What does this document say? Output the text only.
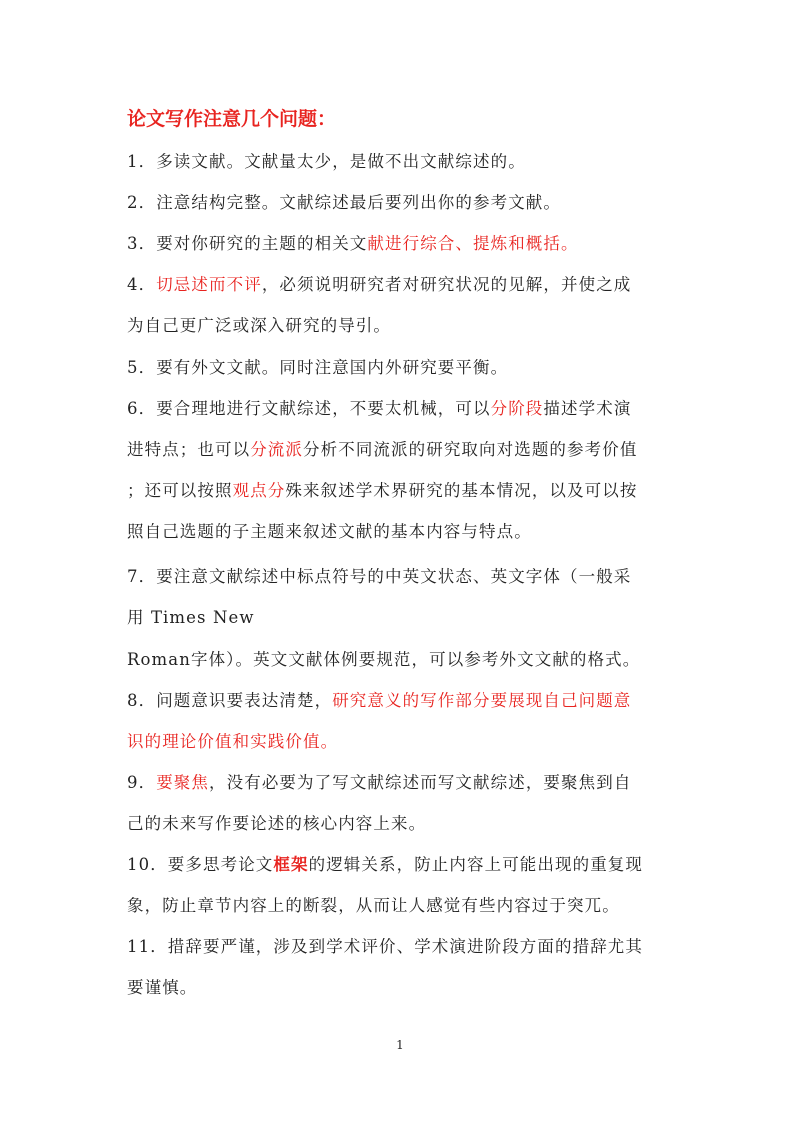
论文写作注意几个问题：
1．多读文献。文献量太少，是做不出文献综述的。
2．注意结构完整。文献综述最后要列出你的参考文献。
3．要对你研究的主题的相关文献进行综合、提炼和概括。
4．切忌述而不评，必须说明研究者对研究状况的见解，并使之成
为自己更广泛或深入研究的导引。
5．要有外文文献。同时注意国内外研究要平衡。
6．要合理地进行文献综述，不要太机械，可以分阶段描述学术演
进特点；也可以分流派分析不同流派的研究取向对选题的参考价值
；还可以按照观点分殊来叙述学术界研究的基本情况，以及可以按
照自己选题的子主题来叙述文献的基本内容与特点。
7．要注意文献综述中标点符号的中英文状态、英文字体（一般采
用 Times New
Roman字体）。英文文献体例要规范，可以参考外文文献的格式。
8．问题意识要表达清楚，研究意义的写作部分要展现自己问题意
识的理论价值和实践价值。
9．要聚焦，没有必要为了写文献综述而写文献综述，要聚焦到自
己的未来写作要论述的核心内容上来。
10．要多思考论文框架的逻辑关系，防止内容上可能出现的重复现
象，防止章节内容上的断裂，从而让人感觉有些内容过于突兀。
11．措辞要严谨，涉及到学术评价、学术演进阶段方面的措辞尤其
要谨慎。
1
